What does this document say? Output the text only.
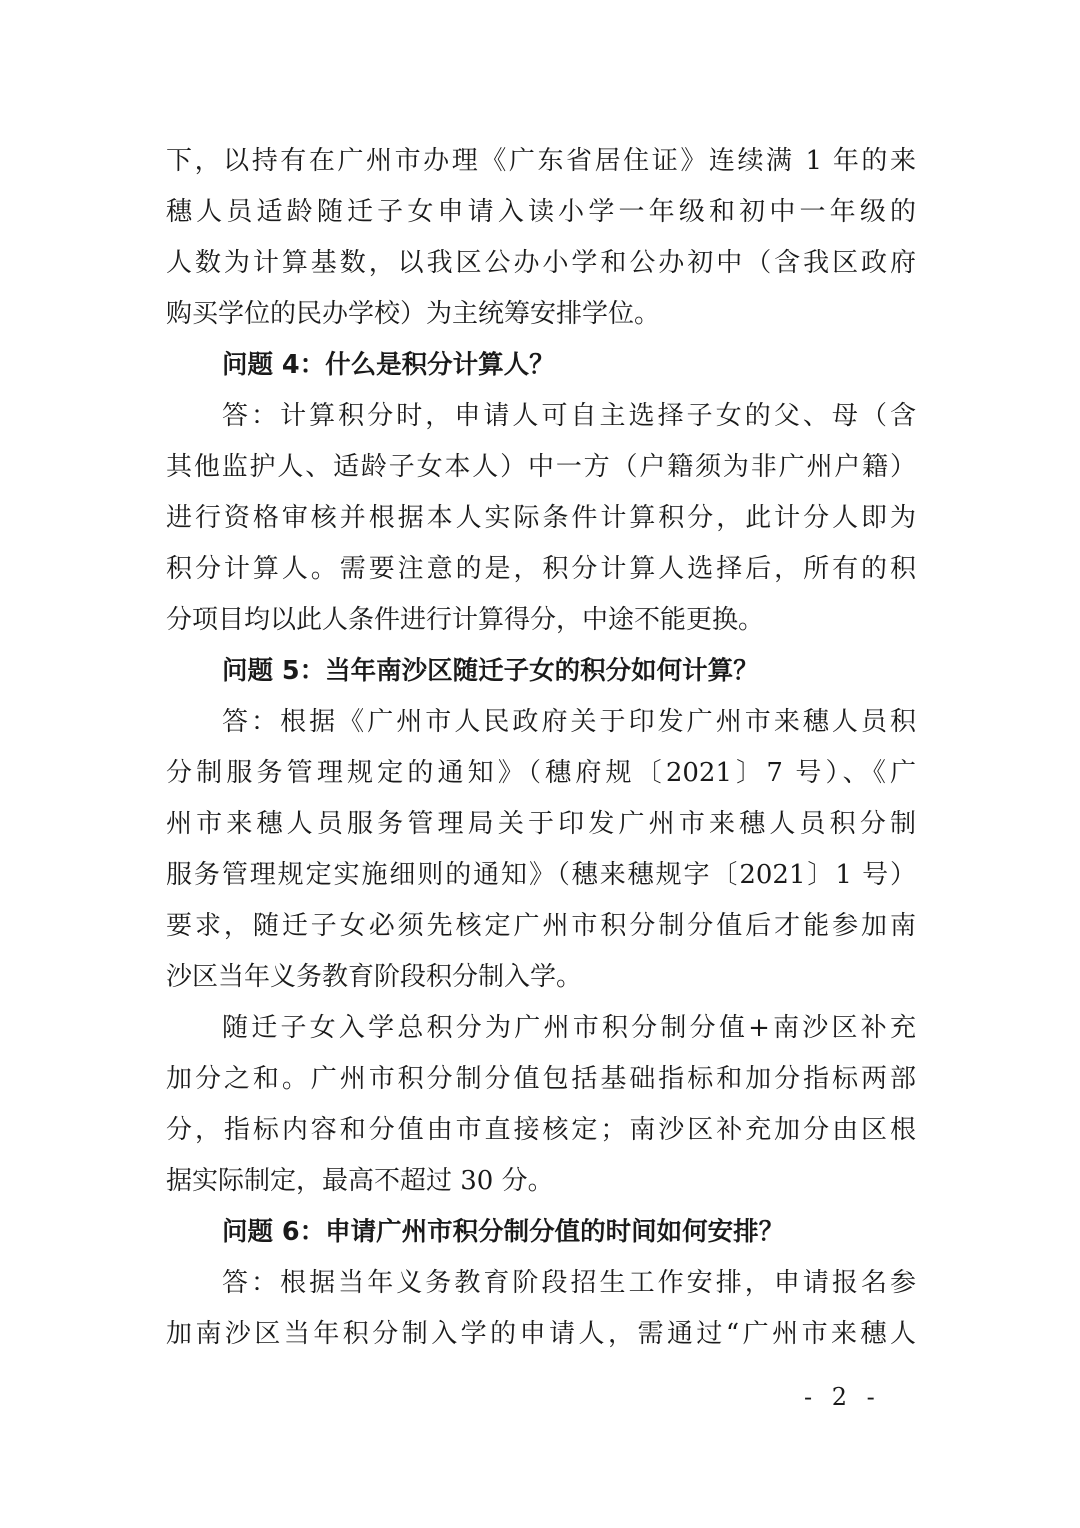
下，以持有在广州市办理《广东省居住证》连续满 1 年的来
穗人员适龄随迁子女申请入读小学一年级和初中一年级的
人数为计算基数，以我区公办小学和公办初中（含我区政府
购买学位的民办学校）为主统筹安排学位。
问题 4：什么是积分计算人？
答：计算积分时，申请人可自主选择子女的父、母（含
其他监护人、适龄子女本人）中一方（户籍须为非广州户籍）
进行资格审核并根据本人实际条件计算积分，此计分人即为
积分计算人。需要注意的是，积分计算人选择后，所有的积
分项目均以此人条件进行计算得分，中途不能更换。
问题 5：当年南沙区随迁子女的积分如何计算？
答：根据《广州市人民政府关于印发广州市来穗人员积
分制服务管理规定的通知》（穗府规〔2021〕7 号）、《广
州市来穗人员服务管理局关于印发广州市来穗人员积分制
服务管理规定实施细则的通知》（穗来穗规字〔2021〕1 号）
要求，随迁子女必须先核定广州市积分制分值后才能参加南
沙区当年义务教育阶段积分制入学。
随迁子女入学总积分为广州市积分制分值+南沙区补充
加分之和。广州市积分制分值包括基础指标和加分指标两部
分，指标内容和分值由市直接核定；南沙区补充加分由区根
据实际制定，最高不超过 30 分。
问题 6：申请广州市积分制分值的时间如何安排？
答：根据当年义务教育阶段招生工作安排，申请报名参
加南沙区当年积分制入学的申请人，需通过“广州市来穗人
- 2 -
